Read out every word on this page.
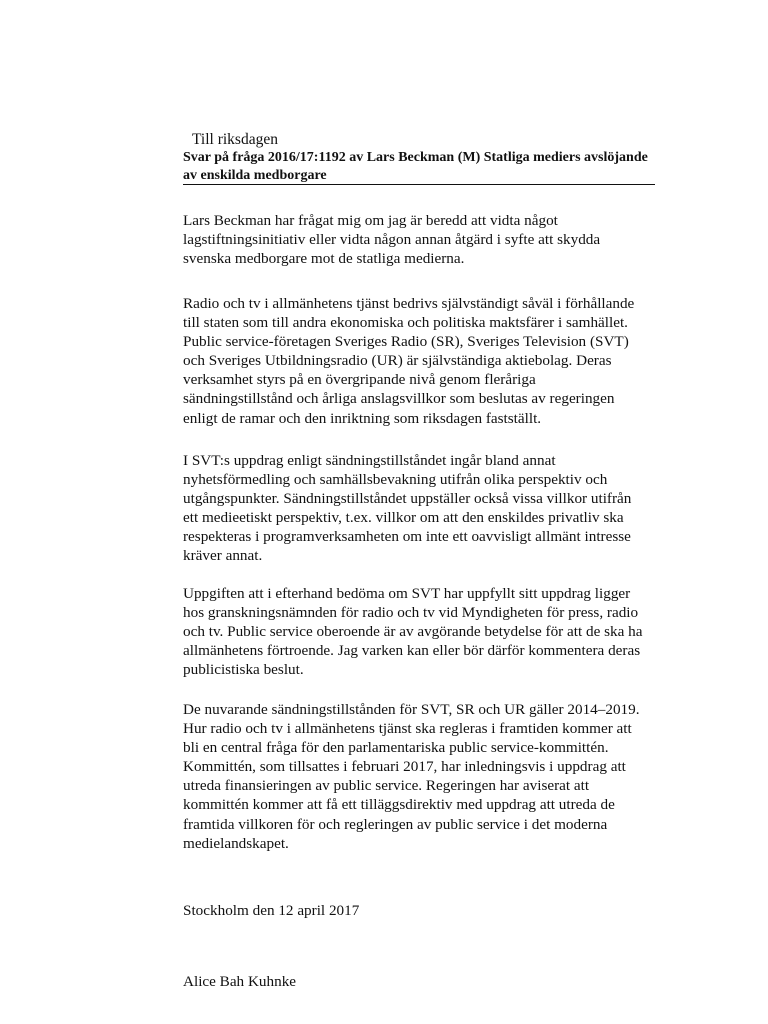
Till riksdagen
Svar på fråga 2016/17:1192 av Lars Beckman (M) Statliga mediers avslöjande
av enskilda medborgare
Lars Beckman har frågat mig om jag är beredd att vidta något
lagstiftningsinitiativ eller vidta någon annan åtgärd i syfte att skydda
svenska medborgare mot de statliga medierna.
Radio och tv i allmänhetens tjänst bedrivs självständigt såväl i förhållande
till staten som till andra ekonomiska och politiska maktsfärer i samhället.
Public service-företagen Sveriges Radio (SR), Sveriges Television (SVT)
och Sveriges Utbildningsradio (UR) är självständiga aktiebolag. Deras
verksamhet styrs på en övergripande nivå genom fleråriga
sändningstillstånd och årliga anslagsvillkor som beslutas av regeringen
enligt de ramar och den inriktning som riksdagen fastställt.
I SVT:s uppdrag enligt sändningstillståndet ingår bland annat
nyhetsförmedling och samhällsbevakning utifrån olika perspektiv och
utgångspunkter. Sändningstillståndet uppställer också vissa villkor utifrån
ett medieetiskt perspektiv, t.ex. villkor om att den enskildes privatliv ska
respekteras i programverksamheten om inte ett oavvisligt allmänt intresse
kräver annat.
Uppgiften att i efterhand bedöma om SVT har uppfyllt sitt uppdrag ligger
hos granskningsnämnden för radio och tv vid Myndigheten för press, radio
och tv. Public service oberoende är av avgörande betydelse för att de ska ha
allmänhetens förtroende. Jag varken kan eller bör därför kommentera deras
publicistiska beslut.
De nuvarande sändningstillstånden för SVT, SR och UR gäller 2014–2019.
Hur radio och tv i allmänhetens tjänst ska regleras i framtiden kommer att
bli en central fråga för den parlamentariska public service-kommittén.
Kommittén, som tillsattes i februari 2017, har inledningsvis i uppdrag att
utreda finansieringen av public service. Regeringen har aviserat att
kommittén kommer att få ett tilläggsdirektiv med uppdrag att utreda de
framtida villkoren för och regleringen av public service i det moderna
medielandskapet.
Stockholm den 12 april 2017
Alice Bah Kuhnke
